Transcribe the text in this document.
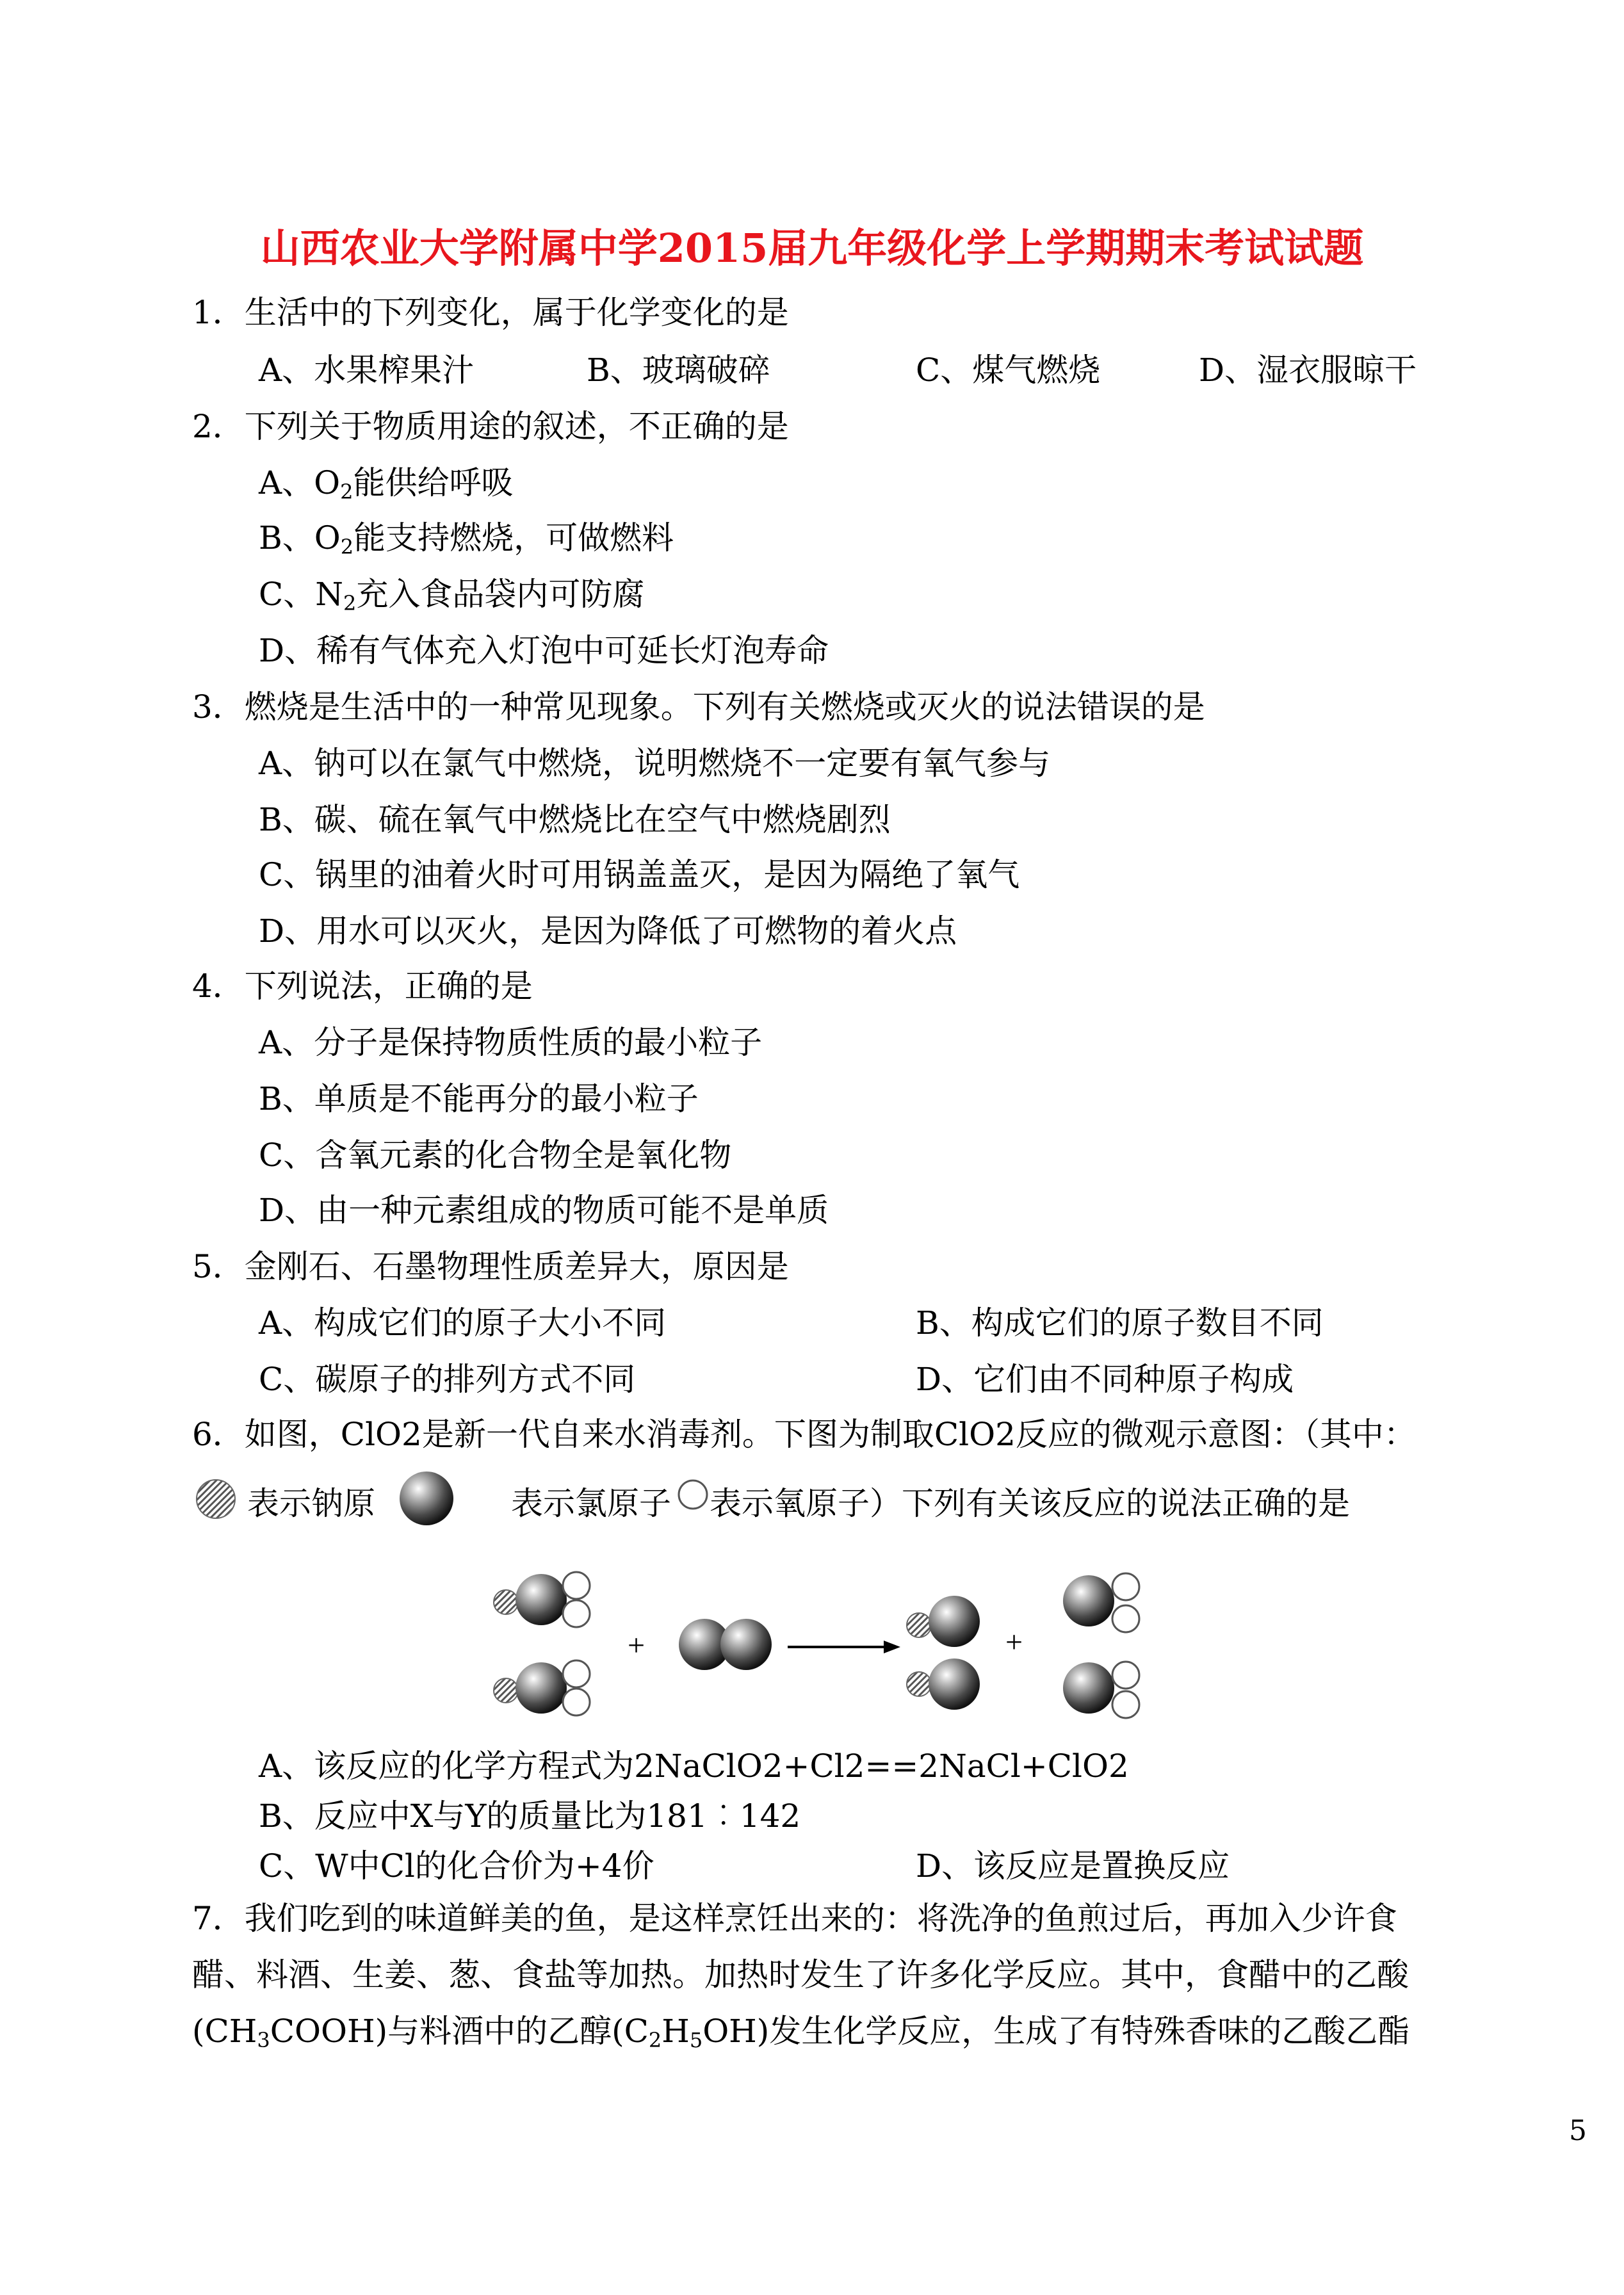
山西农业大学附属中学2015届九年级化学上学期期末考试试题
1．生活中的下列变化，属于化学变化的是
A、水果榨果汁	B、玻璃破碎	C、煤气燃烧	D、湿衣服晾干
2．下列关于物质用途的叙述，不正确的是
A、$O_2$能供给呼吸
B、$O_2$能支持燃烧，可做燃料
C、$N_2$充入食品袋内可防腐
D、稀有气体充入灯泡中可延长灯泡寿命
3．燃烧是生活中的一种常见现象。下列有关燃烧或灭火的说法错误的是
A、钠可以在氯气中燃烧，说明燃烧不一定要有氧气参与
B、碳、硫在氧气中燃烧比在空气中燃烧剧烈
C、锅里的油着火时可用锅盖盖灭，是因为隔绝了氧气
D、用水可以灭火，是因为降低了可燃物的着火点
4．下列说法，正确的是
A、分子是保持物质性质的最小粒子
B、单质是不能再分的最小粒子
C、含氧元素的化合物全是氧化物
D、由一种元素组成的物质可能不是单质
5．金刚石、石墨物理性质差异大，原因是
A、构成它们的原子大小不同	B、构成它们的原子数目不同
C、碳原子的排列方式不同	D、它们由不同种原子构成
6．如图，ClO2是新一代自来水消毒剂。下图为制取ClO2反应的微观示意图：（其中：
表示钠原	表示氯原子 表示氧原子）下列有关该反应的说法正确的是
+	+
A、该反应的化学方程式为2NaClO2+Cl2==2NaCl+ClO2
B、反应中X与Y的质量比为181︰142
C、W中Cl的化合价为+4价	D、该反应是置换反应
7．我们吃到的味道鲜美的鱼，是这样烹饪出来的：将洗净的鱼煎过后，再加入少许食
醋、料酒、生姜、葱、食盐等加热。加热时发生了许多化学反应。其中，食醋中的乙酸
$(CH_3COOH)$与料酒中的乙醇$(C_2H_5OH)$发生化学反应，生成了有特殊香味的乙酸乙酯
5
